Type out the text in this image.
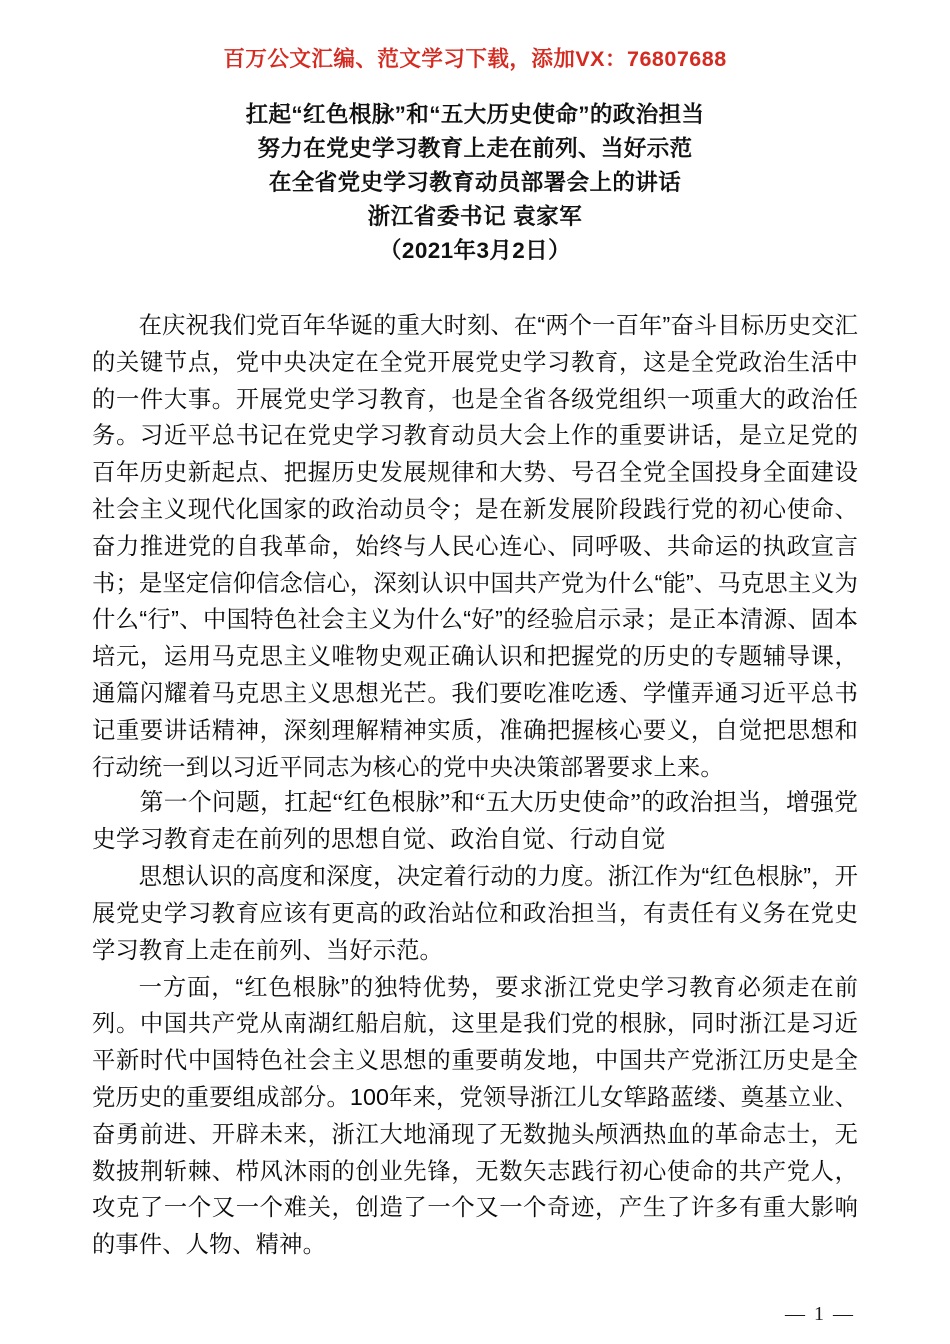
百万公文汇编、范文学习下载，添加VX：76807688
扛起“红色根脉”和“五大历史使命”的政治担当
努力在党史学习教育上走在前列、当好示范
在全省党史学习教育动员部署会上的讲话
浙江省委书记 袁家军
（2021年3月2日）

在庆祝我们党百年华诞的重大时刻、在“两个一百年”奋斗目标历史交汇的关键节点，党中央决定在全党开展党史学习教育，这是全党政治生活中的一件大事。开展党史学习教育，也是全省各级党组织一项重大的政治任务。习近平总书记在党史学习教育动员大会上作的重要讲话，是立足党的百年历史新起点、把握历史发展规律和大势、号召全党全国投身全面建设社会主义现代化国家的政治动员令；是在新发展阶段践行党的初心使命、奋力推进党的自我革命，始终与人民心连心、同呼吸、共命运的执政宣言书；是坚定信仰信念信心，深刻认识中国共产党为什么“能”、马克思主义为什么“行”、中国特色社会主义为什么“好”的经验启示录；是正本清源、固本培元，运用马克思主义唯物史观正确认识和把握党的历史的专题辅导课，通篇闪耀着马克思主义思想光芒。我们要吃准吃透、学懂弄通习近平总书记重要讲话精神，深刻理解精神实质，准确把握核心要义，自觉把思想和行动统一到以习近平同志为核心的党中央决策部署要求上来。

第一个问题，扛起“红色根脉”和“五大历史使命”的政治担当，增强党史学习教育走在前列的思想自觉、政治自觉、行动自觉

思想认识的高度和深度，决定着行动的力度。浙江作为“红色根脉”，开展党史学习教育应该有更高的政治站位和政治担当，有责任有义务在党史学习教育上走在前列、当好示范。

一方面，“红色根脉”的独特优势，要求浙江党史学习教育必须走在前列。中国共产党从南湖红船启航，这里是我们党的根脉，同时浙江是习近平新时代中国特色社会主义思想的重要萌发地，中国共产党浙江历史是全党历史的重要组成部分。100年来，党领导浙江儿女筚路蓝缕、奠基立业、奋勇前进、开辟未来，浙江大地涌现了无数抛头颅洒热血的革命志士，无数披荆斩棘、栉风沐雨的创业先锋，无数矢志践行初心使命的共产党人，攻克了一个又一个难关，创造了一个又一个奇迹，产生了许多有重大影响的事件、人物、精神。

— 1 —
